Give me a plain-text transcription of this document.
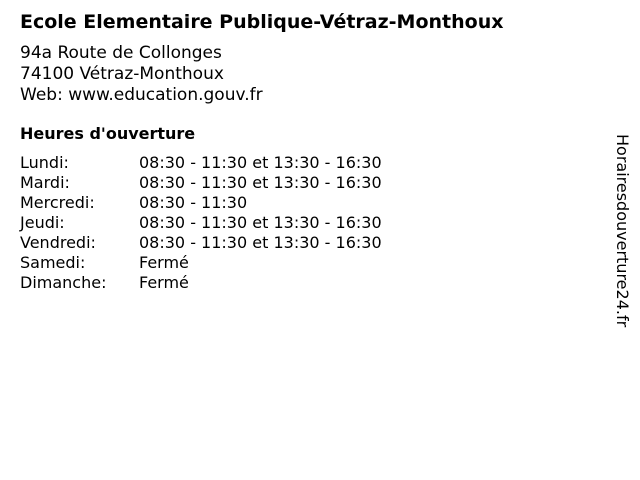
Ecole Elementaire Publique-Vétraz-Monthoux
94a Route de Collonges
74100 Vétraz-Monthoux
Web: www.education.gouv.fr
Heures d'ouverture
Lundi:	08:30 - 11:30 et 13:30 - 16:30
Mardi:	08:30 - 11:30 et 13:30 - 16:30
Mercredi:	08:30 - 11:30
Jeudi:	08:30 - 11:30 et 13:30 - 16:30
Vendredi:	08:30 - 11:30 et 13:30 - 16:30
Samedi:	Fermé
Dimanche:	Fermé	Horairesdouverture24.fr
